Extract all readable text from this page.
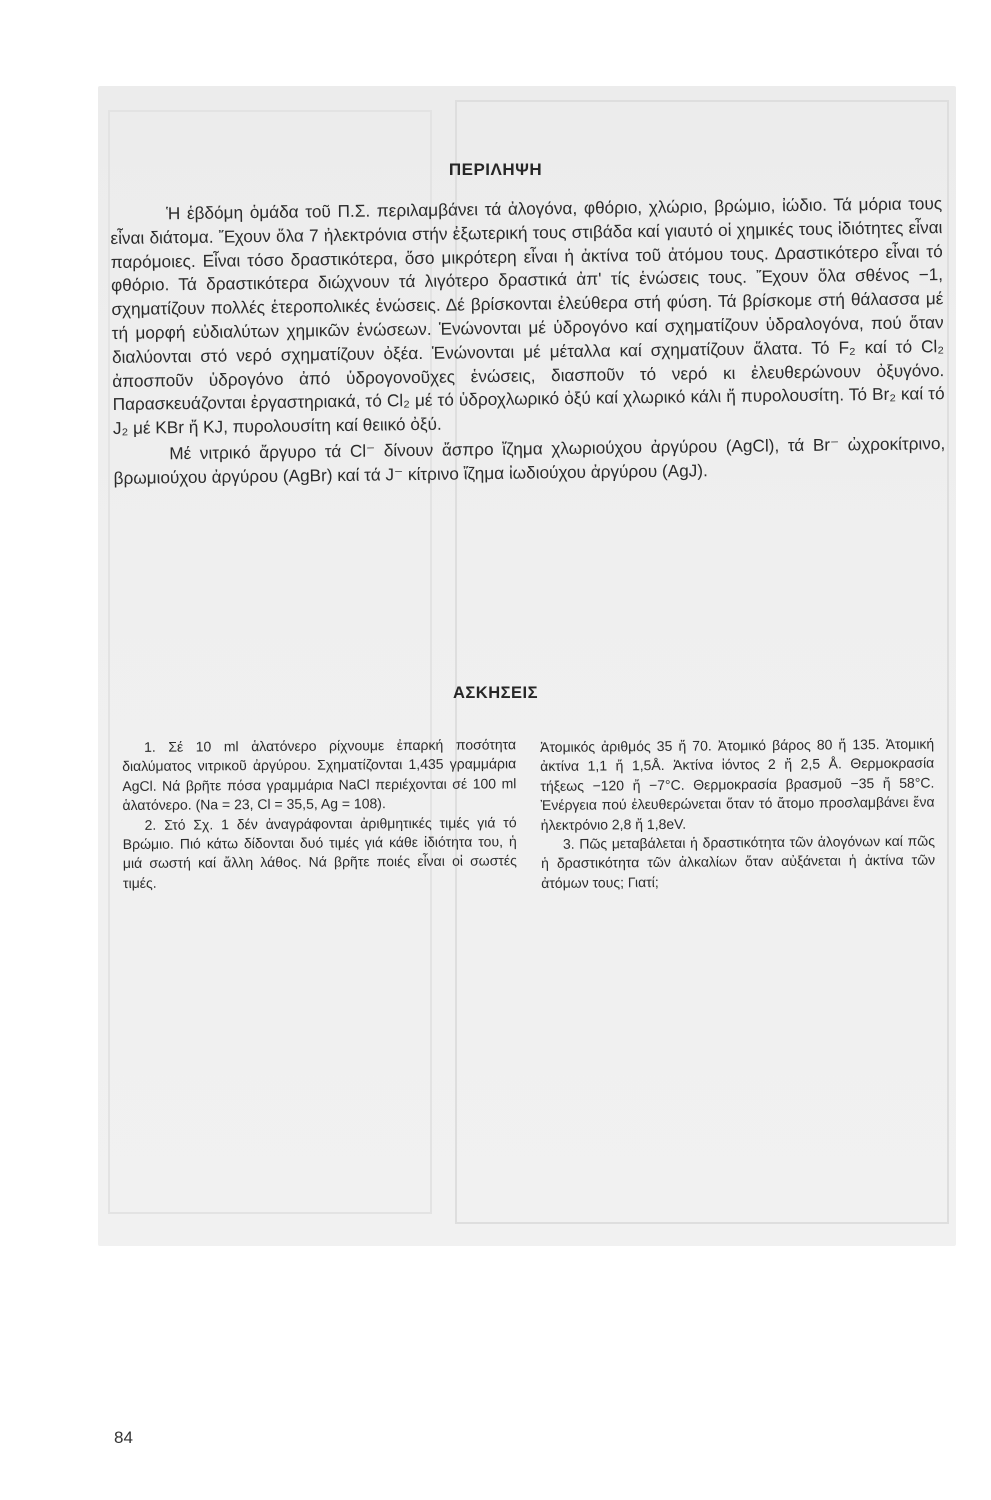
ΠΕΡΙΛΗΨΗ

Ἡ ἑβδόμη ὁμάδα τοῦ Π.Σ. περιλαμβάνει τά ἀλογόνα, φθόριο, χλώριο, βρώμιο, ἰώδιο. Τά μόρια τους εἶναι διάτομα. Ἔχουν ὅλα 7 ἠλεκτρόνια στήν ἐξωτερική τους στιβάδα καί γιαυτό οἱ χημικές τους ἰδιότητες εἶναι παρόμοιες. Εἶναι τόσο δραστικότερα, ὅσο μικρότερη εἶναι ἡ ἀκτίνα τοῦ ἀτόμου τους. Δραστικότερο εἶναι τό φθόριο. Τά δραστικότερα διώχνουν τά λιγότερο δραστικά ἀπ' τίς ἑνώσεις τους. Ἔχουν ὅλα σθένος −1, σχηματίζουν πολλές ἑτεροπολικές ἑνώσεις. Δέ βρίσκονται ἐλεύθερα στή φύση. Τά βρίσκομε στή θάλασσα μέ τή μορφή εὐδιαλύτων χημικῶν ἑνώσεων. Ἑνώνονται μέ ὑδρογόνο καί σχηματίζουν ὑδραλογόνα, πού ὅταν διαλύονται στό νερό σχηματίζουν ὀξέα. Ἑνώνονται μέ μέταλλα καί σχηματίζουν ἅλατα. Τό F₂ καί τό Cl₂ ἀποσποῦν ὑδρογόνο ἀπό ὑδρογονοῦχες ἑνώσεις, διασποῦν τό νερό κι ἐλευθερώνουν ὀξυγόνο. Παρασκευάζονται ἐργαστηριακά, τό Cl₂ μέ τό ὑδροχλωρικό ὀξύ καί χλωρικό κάλι ἤ πυρολουσίτη. Τό Br₂ καί τό J₂ μέ KBr ἤ KJ, πυρολουσίτη καί θειικό ὀξύ.

Μέ νιτρικό ἄργυρο τά Cl⁻ δίνουν ἄσπρο ἴζημα χλωριούχου ἀργύρου (AgCl), τά Br⁻ ὠχροκίτρινο, βρωμιούχου ἀργύρου (AgBr) καί τά J⁻ κίτρινο ἴζημα ἰωδιούχου ἀργύρου (AgJ).

ΑΣΚΗΣΕΙΣ

1. Σέ 10 ml ἁλατόνερο ρίχνουμε ἐπαρκή ποσότητα διαλύματος νιτρικοῦ ἀργύρου. Σχηματίζονται 1,435 γραμμάρια AgCl. Νά βρῆτε πόσα γραμμάρια NaCl περιέχονται σέ 100 ml ἁλατόνερο. (Na = 23, Cl = 35,5, Ag = 108).

2. Στό Σχ. 1 δέν ἀναγράφονται ἀριθμητικές τιμές γιά τό Βρώμιο. Πιό κάτω δίδονται δυό τιμές γιά κάθε ἰδιότητα του, ἡ μιά σωστή καί ἄλλη λάθος. Νά βρῆτε ποιές εἶναι οἱ σωστές τιμές.

Ἀτομικός ἀριθμός 35 ἤ 70. Ἀτομικό βάρος 80 ἤ 135. Ἀτομική ἀκτίνα 1,1 ἤ 1,5Å. Ἀκτίνα ἰόντος 2 ἤ 2,5 Å. Θερμοκρασία τήξεως −120 ἤ −7°C. Θερμοκρασία βρασμοῦ −35 ἤ 58°C. Ἐνέργεια πού ἐλευθερώνεται ὅταν τό ἄτομο προσλαμβάνει ἕνα ἠλεκτρόνιο 2,8 ἤ 1,8eV.

3. Πῶς μεταβάλεται ἡ δραστικότητα τῶν ἀλογόνων καί πῶς ἡ δραστικότητα τῶν ἀλκαλίων ὅταν αὐξάνεται ἡ ἀκτίνα τῶν ἀτόμων τους; Γιατί;

84
